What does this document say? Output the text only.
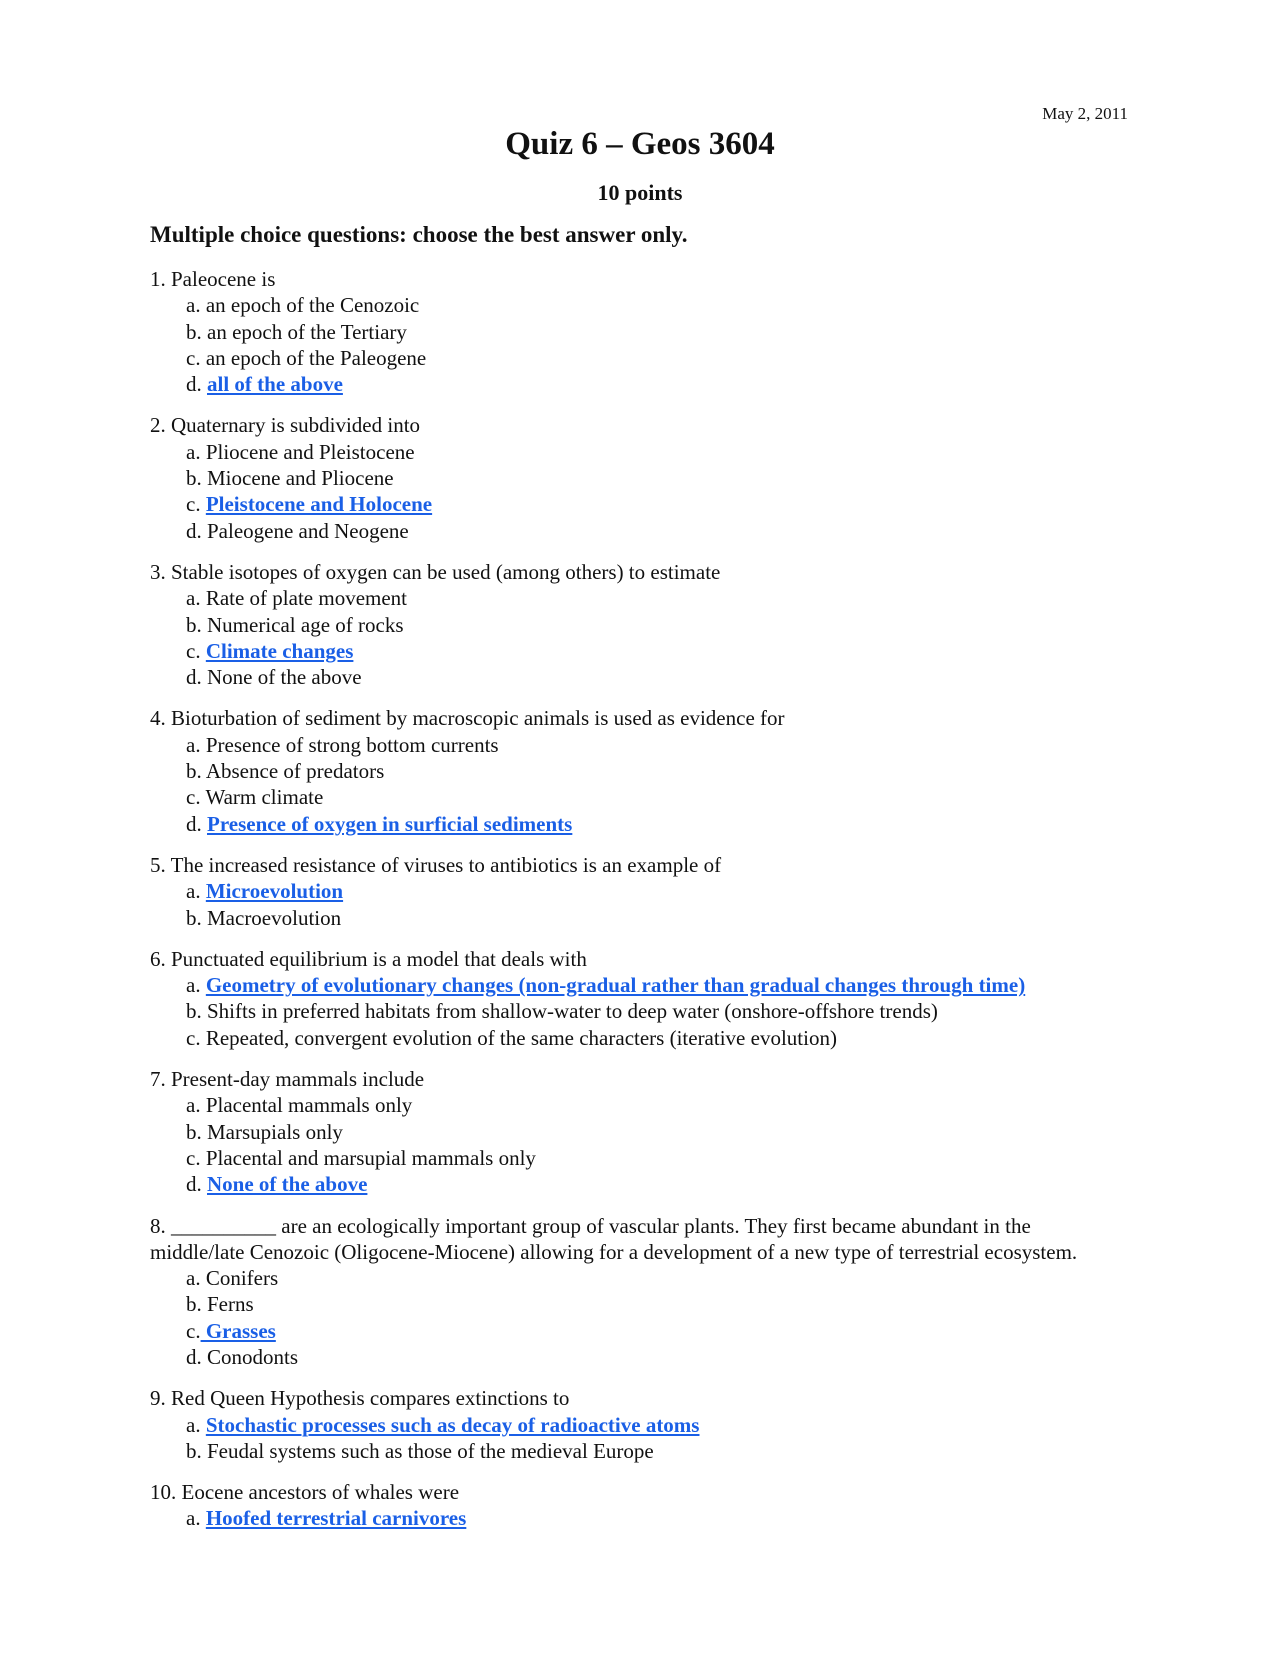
May 2, 2011
Quiz 6 – Geos 3604
10 points
Multiple choice questions: choose the best answer only.
1. Paleocene is
a. an epoch of the Cenozoic
b. an epoch of the Tertiary
c. an epoch of the Paleogene
d. all of the above
2. Quaternary is subdivided into
a. Pliocene and Pleistocene
b. Miocene and Pliocene
c. Pleistocene and Holocene
d. Paleogene and Neogene
3. Stable isotopes of oxygen can be used (among others) to estimate
a. Rate of plate movement
b. Numerical age of rocks
c. Climate changes
d. None of the above
4. Bioturbation of sediment by macroscopic animals is used as evidence for
a. Presence of strong bottom currents
b. Absence of predators
c. Warm climate
d. Presence of oxygen in surficial sediments
5. The increased resistance of viruses to antibiotics is an example of
a. Microevolution
b. Macroevolution
6. Punctuated equilibrium is a model that deals with
a. Geometry of evolutionary changes (non-gradual rather than gradual changes through time)
b. Shifts in preferred habitats from shallow-water to deep water (onshore-offshore trends)
c. Repeated, convergent evolution of the same characters (iterative evolution)
7. Present-day mammals include
a. Placental mammals only
b. Marsupials only
c. Placental and marsupial mammals only
d. None of the above
8. __________ are an ecologically important group of vascular plants. They first became abundant in the middle/late Cenozoic (Oligocene-Miocene) allowing for a development of a new type of terrestrial ecosystem.
a. Conifers
b. Ferns
c. Grasses
d. Conodonts
9. Red Queen Hypothesis compares extinctions to
a. Stochastic processes such as decay of radioactive atoms
b. Feudal systems such as those of the medieval Europe
10. Eocene ancestors of whales were
a. Hoofed terrestrial carnivores
